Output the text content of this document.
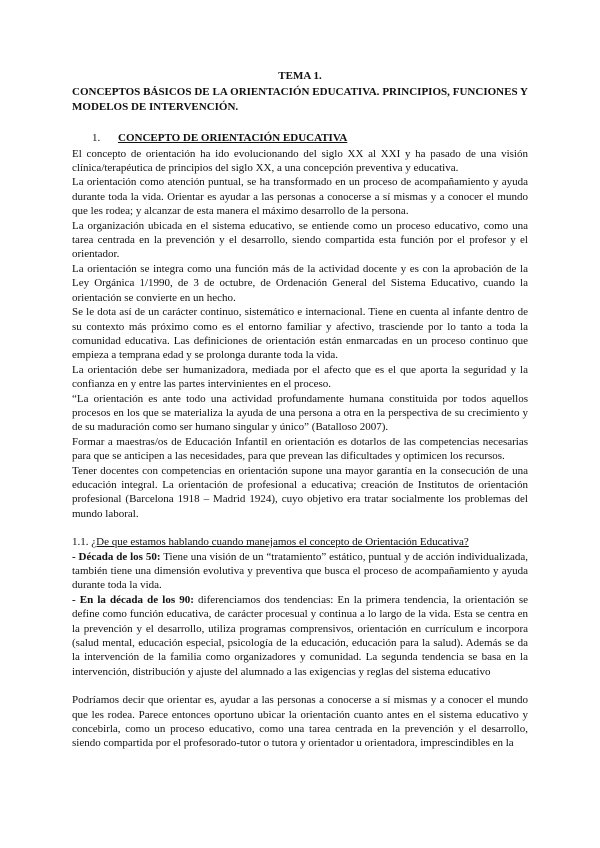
TEMA 1.
CONCEPTOS BÁSICOS DE LA ORIENTACIÓN EDUCATIVA. PRINCIPIOS, FUNCIONES Y MODELOS DE INTERVENCIÓN.
1. CONCEPTO DE ORIENTACIÓN EDUCATIVA

El concepto de orientación ha ido evolucionando del siglo XX al XXI y ha pasado de una visión clínica/terapéutica de principios del siglo XX, a una concepción preventiva y educativa.

La orientación como atención puntual, se ha transformado en un proceso de acompañamiento y ayuda durante toda la vida. Orientar es ayudar a las personas a conocerse a sí mismas y a conocer el mundo que les rodea; y alcanzar de esta manera el máximo desarrollo de la persona.

La organización ubicada en el sistema educativo, se entiende como un proceso educativo, como una tarea centrada en la prevención y el desarrollo, siendo compartida esta función por el profesor y el orientador.

La orientación se integra como una función más de la actividad docente y es con la aprobación de la Ley Orgánica 1/1990, de 3 de octubre, de Ordenación General del Sistema Educativo, cuando la orientación se convierte en un hecho.

Se le dota así de un carácter continuo, sistemático e internacional. Tiene en cuenta al infante dentro de su contexto más próximo como es el entorno familiar y afectivo, trasciende por lo tanto a toda la comunidad educativa. Las definiciones de orientación están enmarcadas en un proceso continuo que empieza a temprana edad y se prolonga durante toda la vida.

La orientación debe ser humanizadora, mediada por el afecto que es el que aporta la seguridad y la confianza en y entre las partes intervinientes en el proceso.

“La orientación es ante todo una actividad profundamente humana constituida por todos aquellos procesos en los que se materializa la ayuda de una persona a otra en la perspectiva de su crecimiento y de su maduración como ser humano singular y único” (Batalloso 2007).

Formar a maestras/os de Educación Infantil en orientación es dotarlos de las competencias necesarias para que se anticipen a las necesidades, para que prevean las dificultades y optimicen los recursos.

Tener docentes con competencias en orientación supone una mayor garantía en la consecución de una educación integral. La orientación de profesional a educativa; creación de Institutos de orientación profesional (Barcelona 1918 – Madrid 1924), cuyo objetivo era tratar socialmente los problemas del mundo laboral.

1.1. ¿De que estamos hablando cuando manejamos el concepto de Orientación Educativa?

- Década de los 50: Tiene una visión de un “tratamiento” estático, puntual y de acción individualizada, también tiene una dimensión evolutiva y preventiva que busca el proceso de acompañamiento y ayuda durante toda la vida.

- En la década de los 90: diferenciamos dos tendencias: En la primera tendencia, la orientación se define como función educativa, de carácter procesual y continua a lo largo de la vida. Esta se centra en la prevención y el desarrollo, utiliza programas comprensivos, orientación en currículum e incorpora (salud mental, educación especial, psicología de la educación, educación para la salud). Además se da la intervención de la familia como organizadores y comunidad. La segunda tendencia se basa en la intervención, distribución y ajuste del alumnado a las exigencias y reglas del sistema educativo

Podríamos decir que orientar es, ayudar a las personas a conocerse a sí mismas y a conocer el mundo que les rodea. Parece entonces oportuno ubicar la orientación cuanto antes en el sistema educativo y concebirla, como un proceso educativo, como una tarea centrada en la prevención y el desarrollo, siendo compartida por el profesorado-tutor o tutora y orientador u orientadora, imprescindibles en la
